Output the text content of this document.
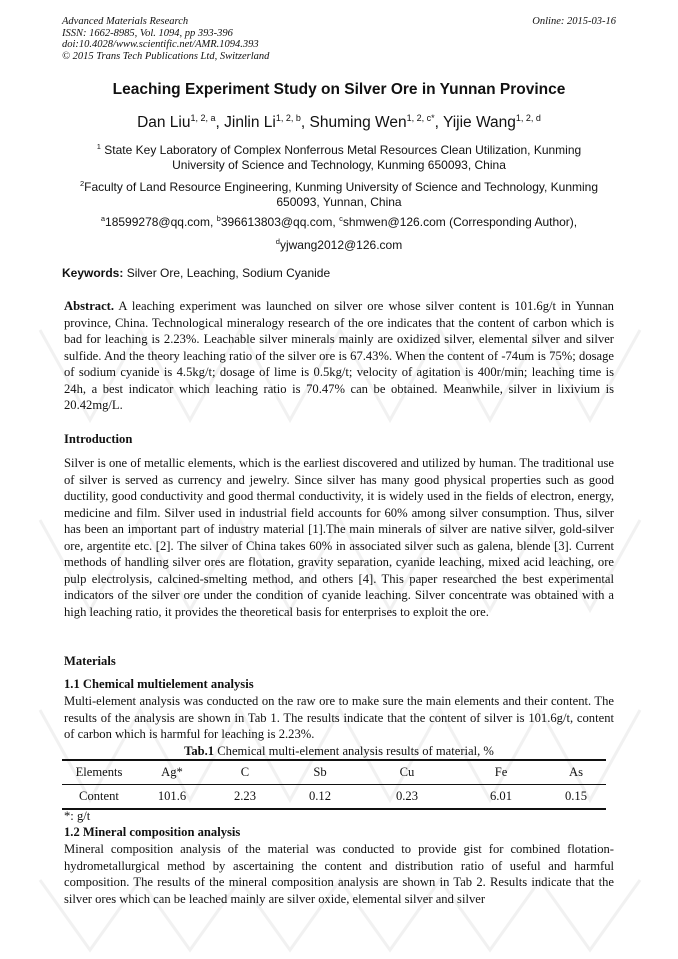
Advanced Materials Research
ISSN: 1662-8985, Vol. 1094, pp 393-396
doi:10.4028/www.scientific.net/AMR.1094.393
© 2015 Trans Tech Publications Ltd, Switzerland
Online: 2015-03-16
Leaching Experiment Study on Silver Ore in Yunnan Province
Dan Liu$^{1, 2, a}$, Jinlin Li$^{1, 2, b}$, Shuming Wen$^{1, 2, c*}$, Yijie Wang$^{1, 2, d}$
$^1$ State Key Laboratory of Complex Nonferrous Metal Resources Clean Utilization, Kunming
University of Science and Technology, Kunming 650093, China
$^2$Faculty of Land Resource Engineering, Kunming University of Science and Technology, Kunming
650093, Yunnan, China
$^a$18599278@qq.com, $^b$396613803@qq.com, $^c$shmwen@126.com (Corresponding Author),
$^d$yjwang2012@126.com
Keywords: Silver Ore, Leaching, Sodium Cyanide

Abstract. A leaching experiment was launched on silver ore whose silver content is 101.6g/t in Yunnan province, China. Technological mineralogy research of the ore indicates that the content of carbon which is bad for leaching is 2.23%. Leachable silver minerals mainly are oxidized silver, elemental silver and silver sulfide. And the theory leaching ratio of the silver ore is 67.43%. When the content of -74um is 75%; dosage of sodium cyanide is 4.5kg/t; dosage of lime is 0.5kg/t; velocity of agitation is 400r/min; leaching time is 24h, a best indicator which leaching ratio is 70.47% can be obtained. Meanwhile, silver in lixivium is 20.42mg/L.

Introduction

Silver is one of metallic elements, which is the earliest discovered and utilized by human. The traditional use of silver is served as currency and jewelry. Since silver has many good physical properties such as good ductility, good conductivity and good thermal conductivity, it is widely used in the fields of electron, energy, medicine and film. Silver used in industrial field accounts for 60% among silver consumption. Thus, silver has been an important part of industry material [1].The main minerals of silver are native silver, gold-silver ore, argentite etc. [2]. The silver of China takes 60% in associated silver such as galena, blende [3]. Current methods of handling silver ores are flotation, gravity separation, cyanide leaching, mixed acid leaching, ore pulp electrolysis, calcined-smelting method, and others [4]. This paper researched the best experimental indicators of the silver ore under the condition of cyanide leaching. Silver concentrate was obtained with a high leaching ratio, it provides the theoretical basis for enterprises to exploit the ore.

Materials
1.1 Chemical multielement analysis

Multi-element analysis was conducted on the raw ore to make sure the main elements and their content. The results of the analysis are shown in Tab 1. The results indicate that the content of silver is 101.6g/t, content of carbon which is harmful for leaching is 2.23%.

Tab.1 Chemical multi-element analysis results of material, %
Elements	Ag*	C	Sb	Cu	Fe	As
Content	101.6	2.23	0.12	0.23	6.01	0.15
*: g/t
1.2 Mineral composition analysis

Mineral composition analysis of the material was conducted to provide gist for combined flotation-hydrometallurgical method by ascertaining the content and distribution ratio of useful and harmful composition. The results of the mineral composition analysis are shown in Tab 2. Results indicate that the silver ores which can be leached mainly are silver oxide, elemental silver and silver
